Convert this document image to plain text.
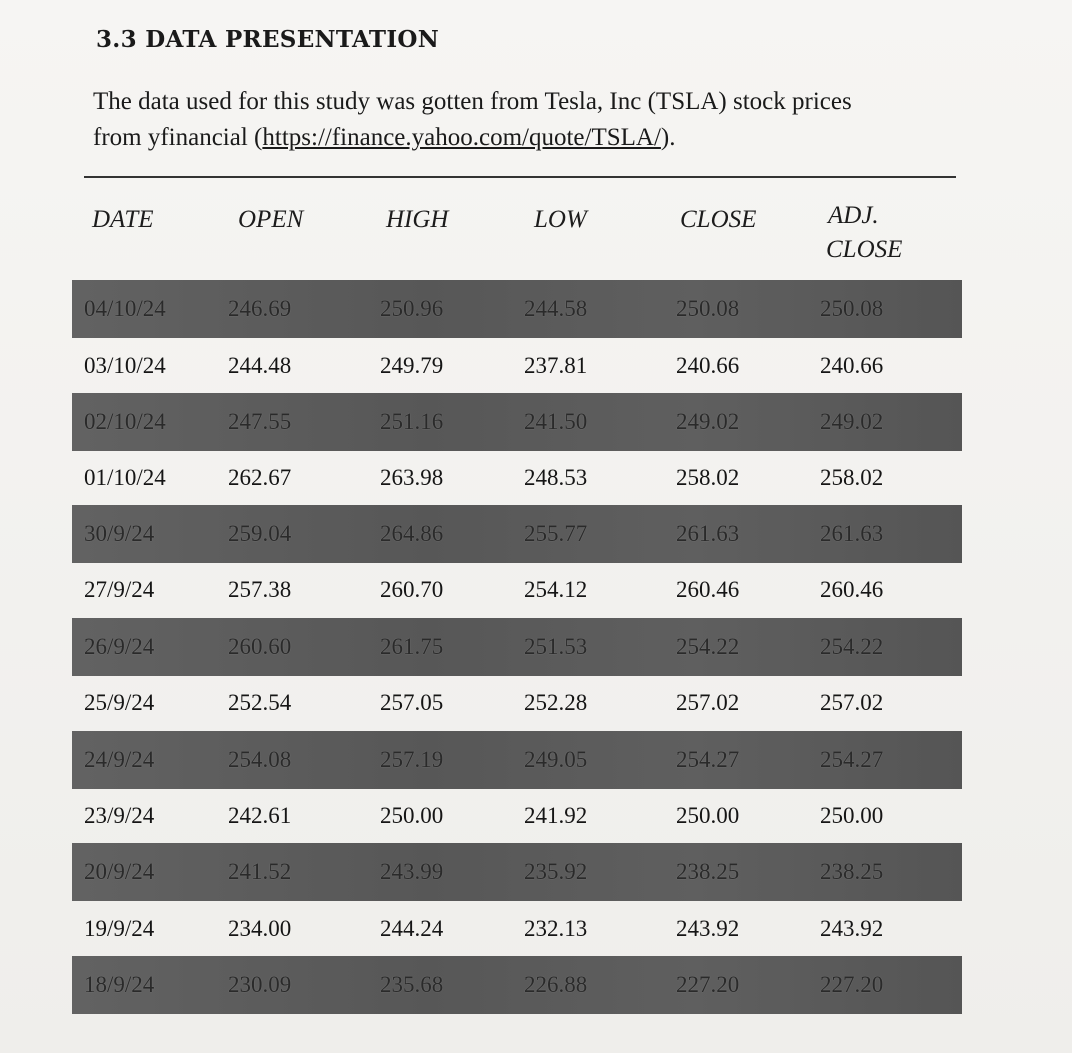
3.3 DATA PRESENTATION
The data used for this study was gotten from Tesla, Inc (TSLA) stock prices
from yfinancial (https://finance.yahoo.com/quote/TSLA/).
DATE	OPEN	HIGH	LOW	CLOSE	ADJ.
CLOSE
04/10/24	246.69	250.96	244.58	250.08	250.08
03/10/24	244.48	249.79	237.81	240.66	240.66
02/10/24	247.55	251.16	241.50	249.02	249.02
01/10/24	262.67	263.98	248.53	258.02	258.02
30/9/24	259.04	264.86	255.77	261.63	261.63
27/9/24	257.38	260.70	254.12	260.46	260.46
26/9/24	260.60	261.75	251.53	254.22	254.22
25/9/24	252.54	257.05	252.28	257.02	257.02
24/9/24	254.08	257.19	249.05	254.27	254.27
23/9/24	242.61	250.00	241.92	250.00	250.00
20/9/24	241.52	243.99	235.92	238.25	238.25
19/9/24	234.00	244.24	232.13	243.92	243.92
18/9/24	230.09	235.68	226.88	227.20	227.20
